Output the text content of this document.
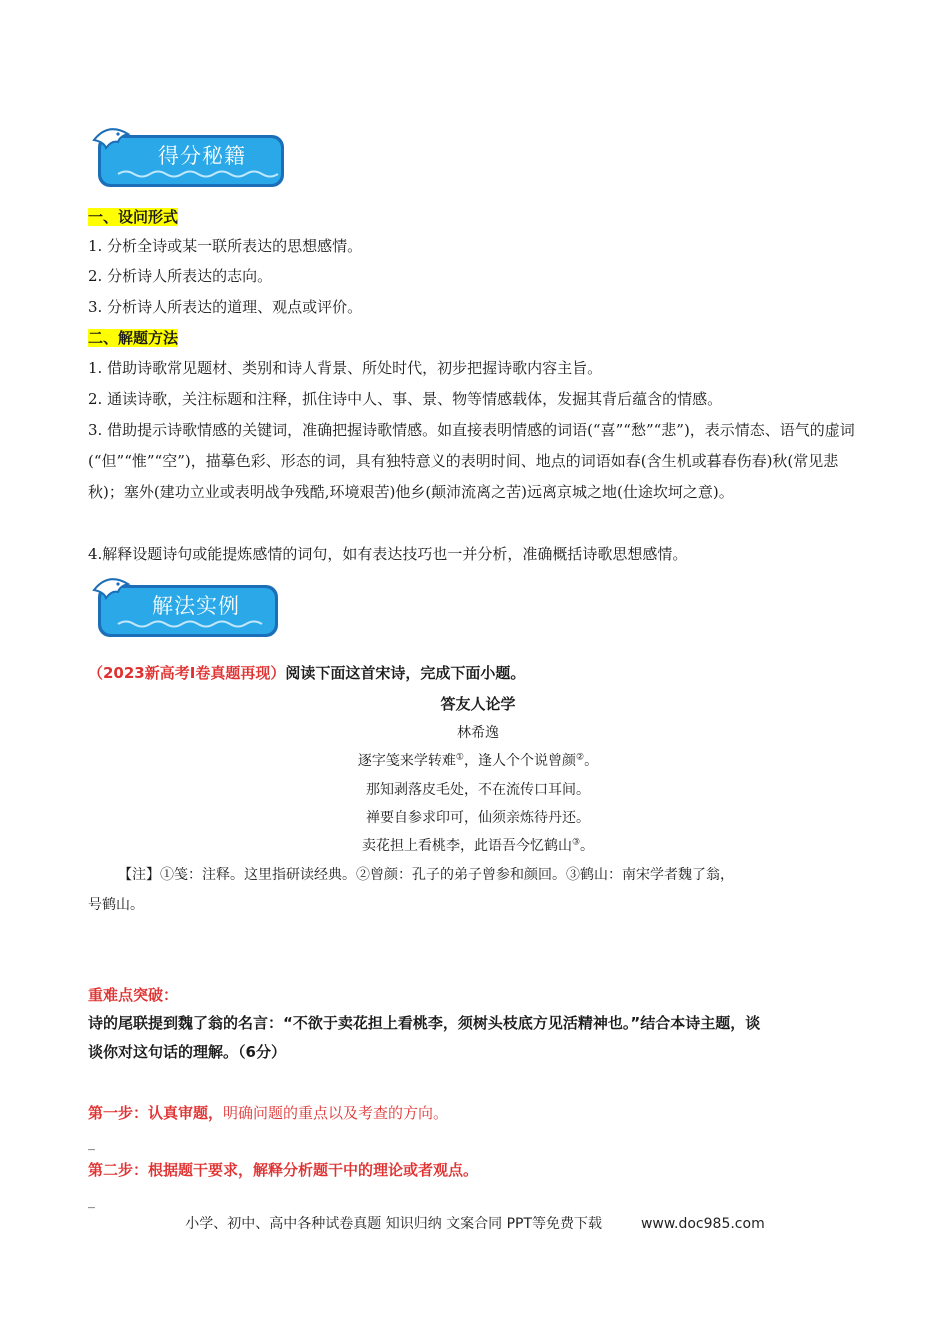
得分秘籍
一、设问形式
1. 分析全诗或某一联所表达的思想感情。
2. 分析诗人所表达的志向。
3. 分析诗人所表达的道理、观点或评价。
二、解题方法
1. 借助诗歌常见题材、类别和诗人背景、所处时代，初步把握诗歌内容主旨。
2. 通读诗歌，关注标题和注释，抓住诗中人、事、景、物等情感载体，发掘其背后蕴含的情感。
3. 借助提示诗歌情感的关键词，准确把握诗歌情感。如直接表明情感的词语(“喜”“愁”“悲”)，表示情态、语气的虚词(“但”“惟”“空”)，描摹色彩、形态的词，具有独特意义的表明时间、地点的词语如春(含生机或暮春伤春)秋(常见悲秋)；塞外(建功立业或表明战争残酷,环境艰苦)他乡(颠沛流离之苦)远离京城之地(仕途坎坷之意)。
4.解释设题诗句或能提炼感情的词句，如有表达技巧也一并分析，准确概括诗歌思想感情。
解法实例
（2023新高考Ⅰ卷真题再现）阅读下面这首宋诗，完成下面小题。
答友人论学
林希逸
逐字笺来学转难①，逢人个个说曾颜②。
那知剥落皮毛处，不在流传口耳间。
禅要自参求印可，仙须亲炼待丹还。
卖花担上看桃李，此语吾今忆鹤山③。
【注】①笺：注释。这里指研读经典。②曾颜：孔子的弟子曾参和颜回。③鹤山：南宋学者魏了翁，
号鹤山。
重难点突破：
诗的尾联提到魏了翁的名言：“不欲于卖花担上看桃李，须树头枝底方见活精神也。”结合本诗主题，谈
谈你对这句话的理解。（6分）
第一步：认真审题，明确问题的重点以及考查的方向。
_
第二步：根据题干要求，解释分析题干中的理论或者观点。
_
小学、初中、高中各种试卷真题 知识归纳 文案合同 PPT等免费下载	www.doc985.com
